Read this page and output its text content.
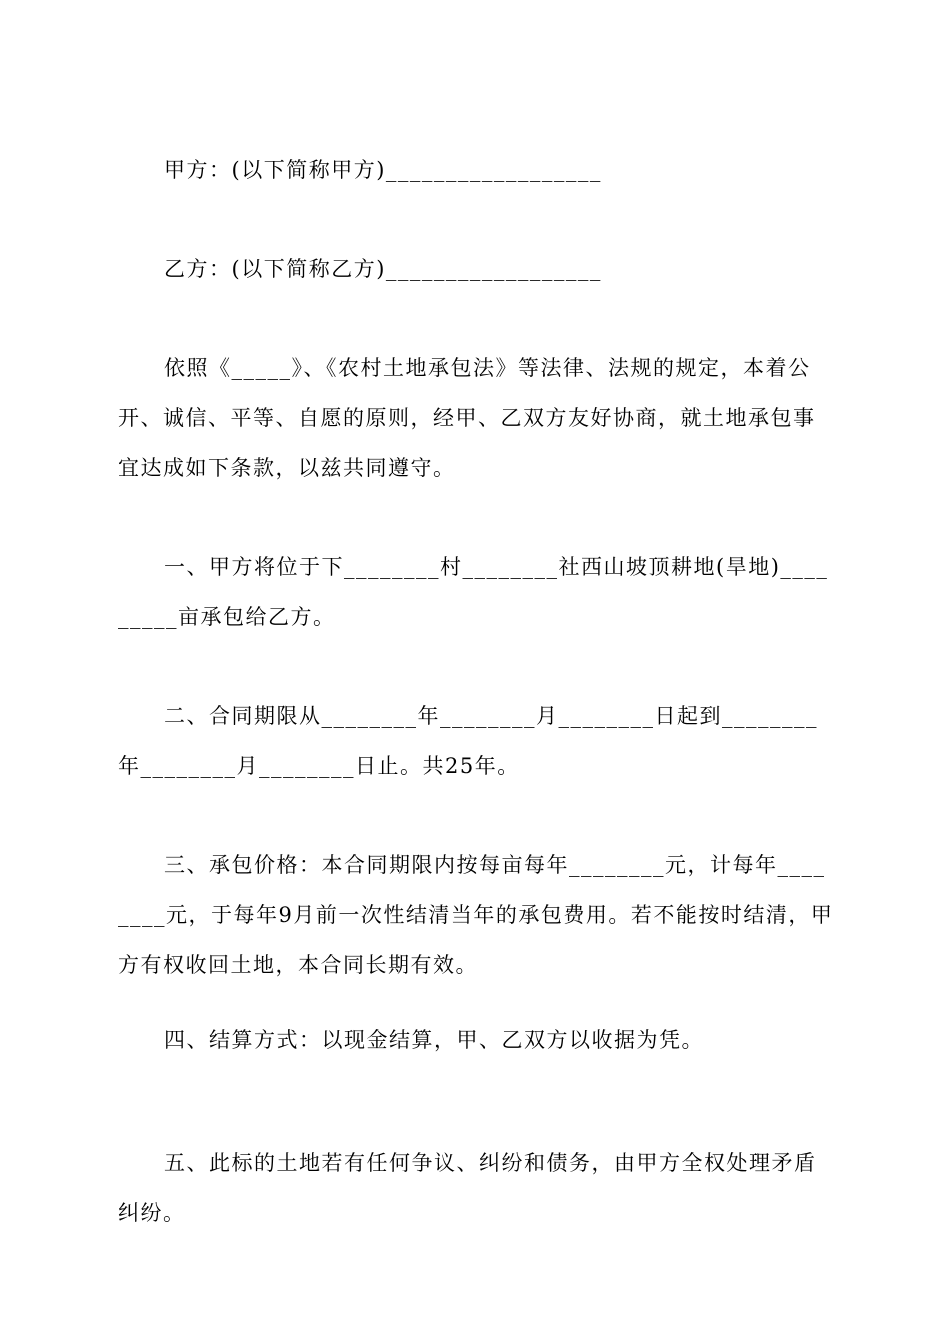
甲方：(以下简称甲方)__________________

乙方：(以下简称乙方)__________________

依照《_____》、《农村土地承包法》等法律、法规的规定，本着公开、诚信、平等、自愿的原则，经甲、乙双方友好协商，就土地承包事宜达成如下条款，以兹共同遵守。

一、甲方将位于下________村________社西山坡顶耕地(旱地)_________亩承包给乙方。

二、合同期限从________年________月________日起到________年________月________日止。共25年。

三、承包价格：本合同期限内按每亩每年________元，计每年________元，于每年9月前一次性结清当年的承包费用。若不能按时结清，甲方有权收回土地，本合同长期有效。

四、结算方式：以现金结算，甲、乙双方以收据为凭。

五、此标的土地若有任何争议、纠纷和债务，由甲方全权处理矛盾纠纷。
